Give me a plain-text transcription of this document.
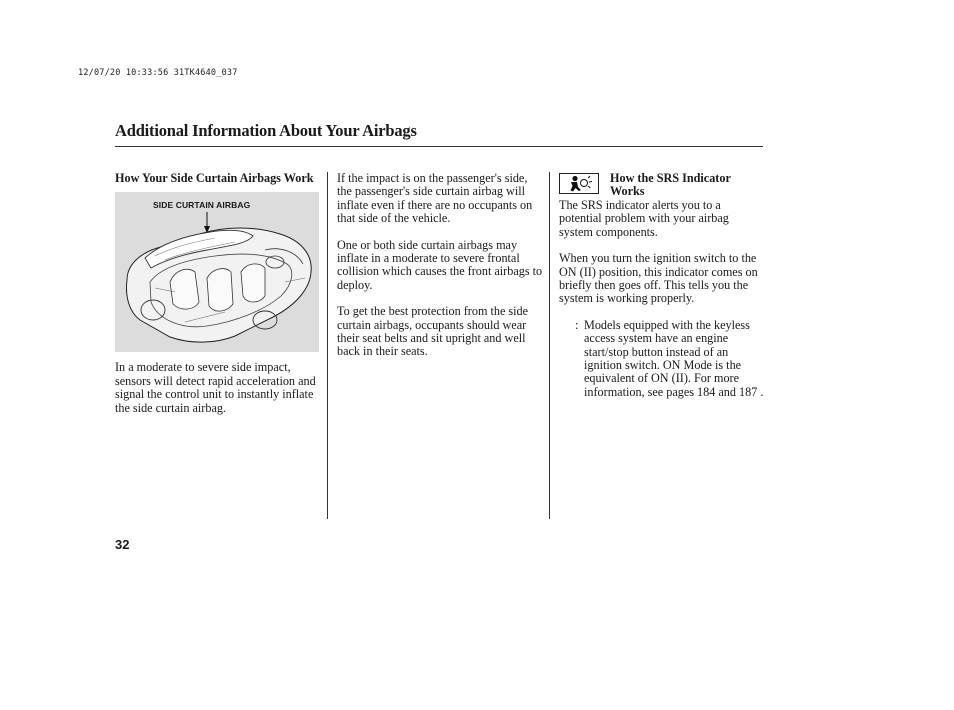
12/07/20 10:33:56 31TK4640_037
Additional Information About Your Airbags
How Your Side Curtain Airbags Work
SIDE CURTAIN AIRBAG

In a moderate to severe side impact, sensors will detect rapid acceleration and signal the control unit to instantly inflate the side curtain airbag.

If the impact is on the passenger's side, the passenger's side curtain airbag will inflate even if there are no occupants on that side of the vehicle.

One or both side curtain airbags may inflate in a moderate to severe frontal collision which causes the front airbags to deploy.

To get the best protection from the side curtain airbags, occupants should wear their seat belts and sit upright and well back in their seats.

How the SRS Indicator Works

The SRS indicator alerts you to a potential problem with your airbag system components.

When you turn the ignition switch to the ON (II) position, this indicator comes on briefly then goes off. This tells you the system is working properly.

: Models equipped with the keyless access system have an engine start/stop button instead of an ignition switch. ON Mode is the equivalent of ON (II). For more information, see pages 184 and 187 .

32
